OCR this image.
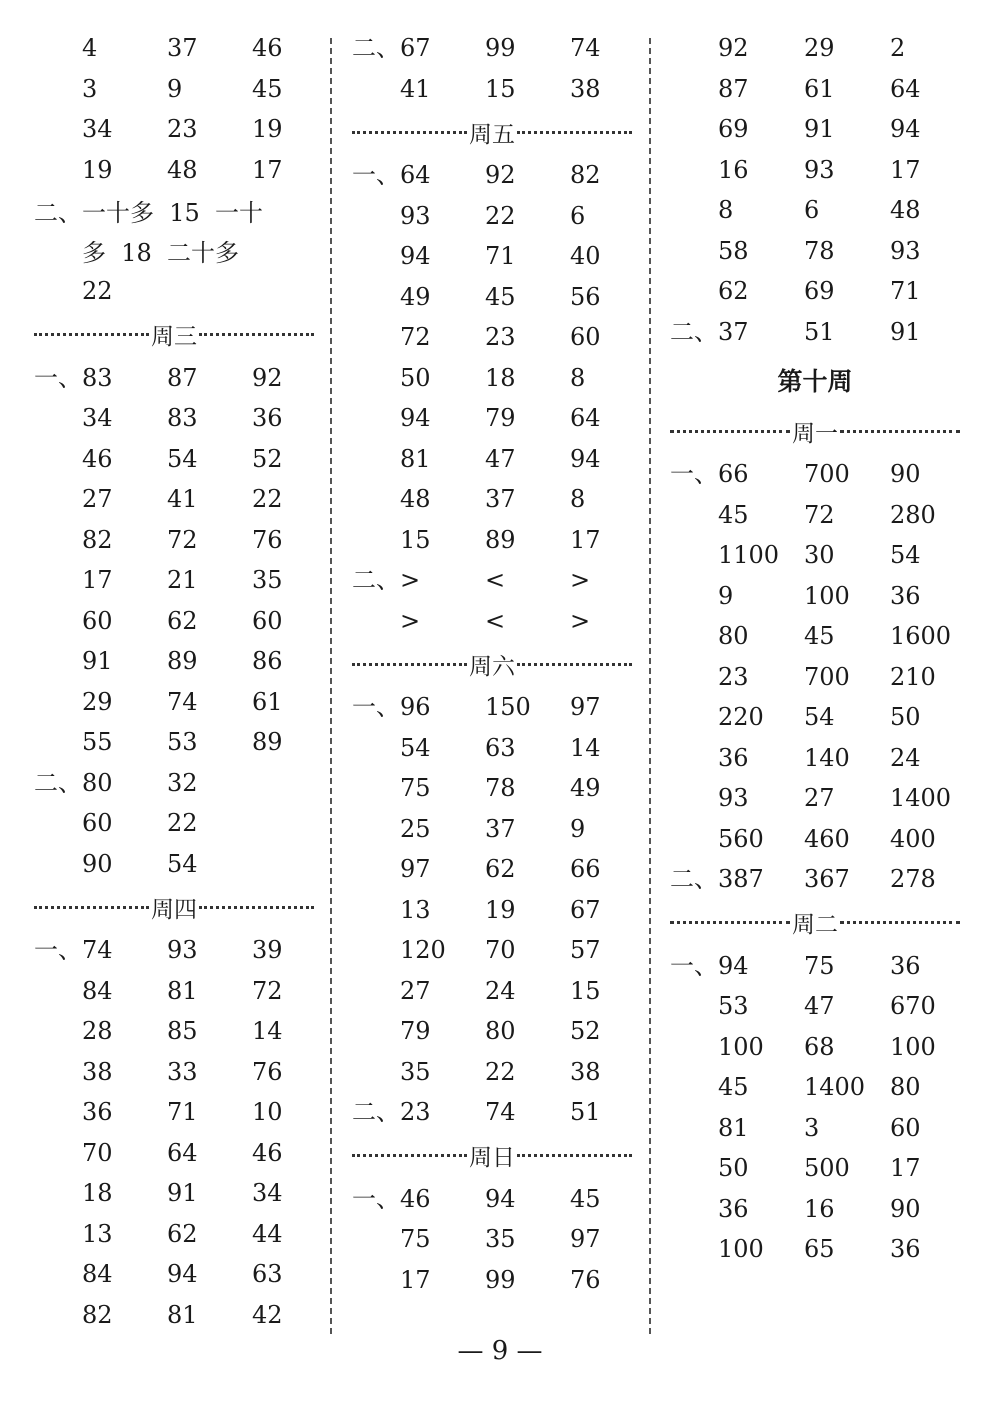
4	37	46
3	9	45
34	23	19
19	48	17
二、一十多  15  一十
多  18  二十多
22
周三
一、 83	87	92
34	83	36
46	54	52
27	41	22
82	72	76
17	21	35
60	62	60
91	89	86
29	74	61
55	53	89
二、 80	32
60	22
90	54
周四
一、 74	93	39
84	81	72
28	85	14
38	33	76
36	71	10
70	64	46
18	91	34
13	62	44
84	94	63
82	81	42
二、 67	99	74
41	15	38
周五
一、 64	92	82
93	22	6
94	71	40
49	45	56
72	23	60
50	18	8
94	79	64
81	47	94
48	37	8
15	89	17
二、 >	<	>
>	<	>
周六
一、 96	150	97
54	63	14
75	78	49
25	37	9
97	62	66
13	19	67
120	70	57
27	24	15
79	80	52
35	22	38
二、 23	74	51
周日
一、 46	94	45
75	35	97
17	99	76
92	29	2
87	61	64
69	91	94
16	93	17
8	6	48
58	78	93
62	69	71
二、 37	51	91
第十周
周一
一、 66	700	90
45	72	280
1100	30	54
9	100	36
80	45	1600
23	700	210
220	54	50
36	140	24
93	27	1400
560	460	400
二、 387	367	278
周二
一、 94	75	36
53	47	670
100	68	100
45	1400	80
81	3	60
50	500	17
36	16	90
100	65	36
— 9 —
